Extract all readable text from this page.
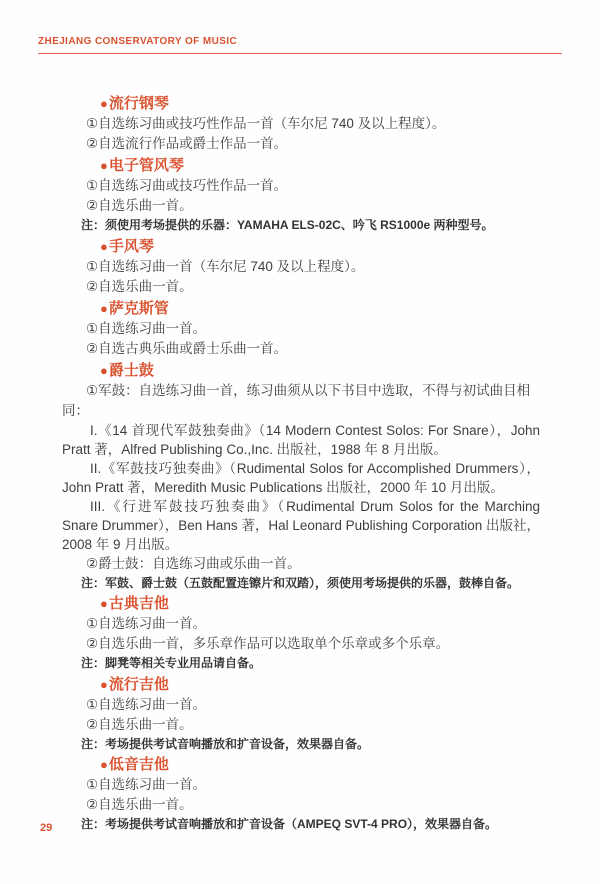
ZHEJIANG CONSERVATORY OF MUSIC
●流行钢琴

①自选练习曲或技巧性作品一首（车尔尼 740 及以上程度）。

②自选流行作品或爵士作品一首。

●电子管风琴

①自选练习曲或技巧性作品一首。

②自选乐曲一首。

注：须使用考场提供的乐器：YAMAHA ELS-02C、吟飞 RS1000e 两种型号。

●手风琴

①自选练习曲一首（车尔尼 740 及以上程度）。

②自选乐曲一首。

●萨克斯管

①自选练习曲一首。

②自选古典乐曲或爵士乐曲一首。

●爵士鼓

①军鼓：自选练习曲一首，练习曲须从以下书目中选取，不得与初试曲目相同：

I.《14 首现代军鼓独奏曲》（14 Modern Contest Solos: For Snare），John Pratt 著，Alfred Publishing Co.,Inc. 出版社，1988 年 8 月出版。

II.《军鼓技巧独奏曲》（Rudimental Solos for Accomplished Drummers），John Pratt 著，Meredith Music Publications 出版社，2000 年 10 月出版。

III.《行进军鼓技巧独奏曲》（Rudimental Drum Solos for the Marching Snare Drummer），Ben Hans 著，Hal Leonard Publishing Corporation 出版社，2008 年 9 月出版。

②爵士鼓：自选练习曲或乐曲一首。

注：军鼓、爵士鼓（五鼓配置连镲片和双踏），须使用考场提供的乐器，鼓棒自备。

●古典吉他

①自选练习曲一首。

②自选乐曲一首，多乐章作品可以选取单个乐章或多个乐章。

注：脚凳等相关专业用品请自备。

●流行吉他

①自选练习曲一首。

②自选乐曲一首。

注：考场提供考试音响播放和扩音设备，效果器自备。

●低音吉他

①自选练习曲一首。

②自选乐曲一首。

注：考场提供考试音响播放和扩音设备（AMPEQ SVT-4 PRO），效果器自备。

29
